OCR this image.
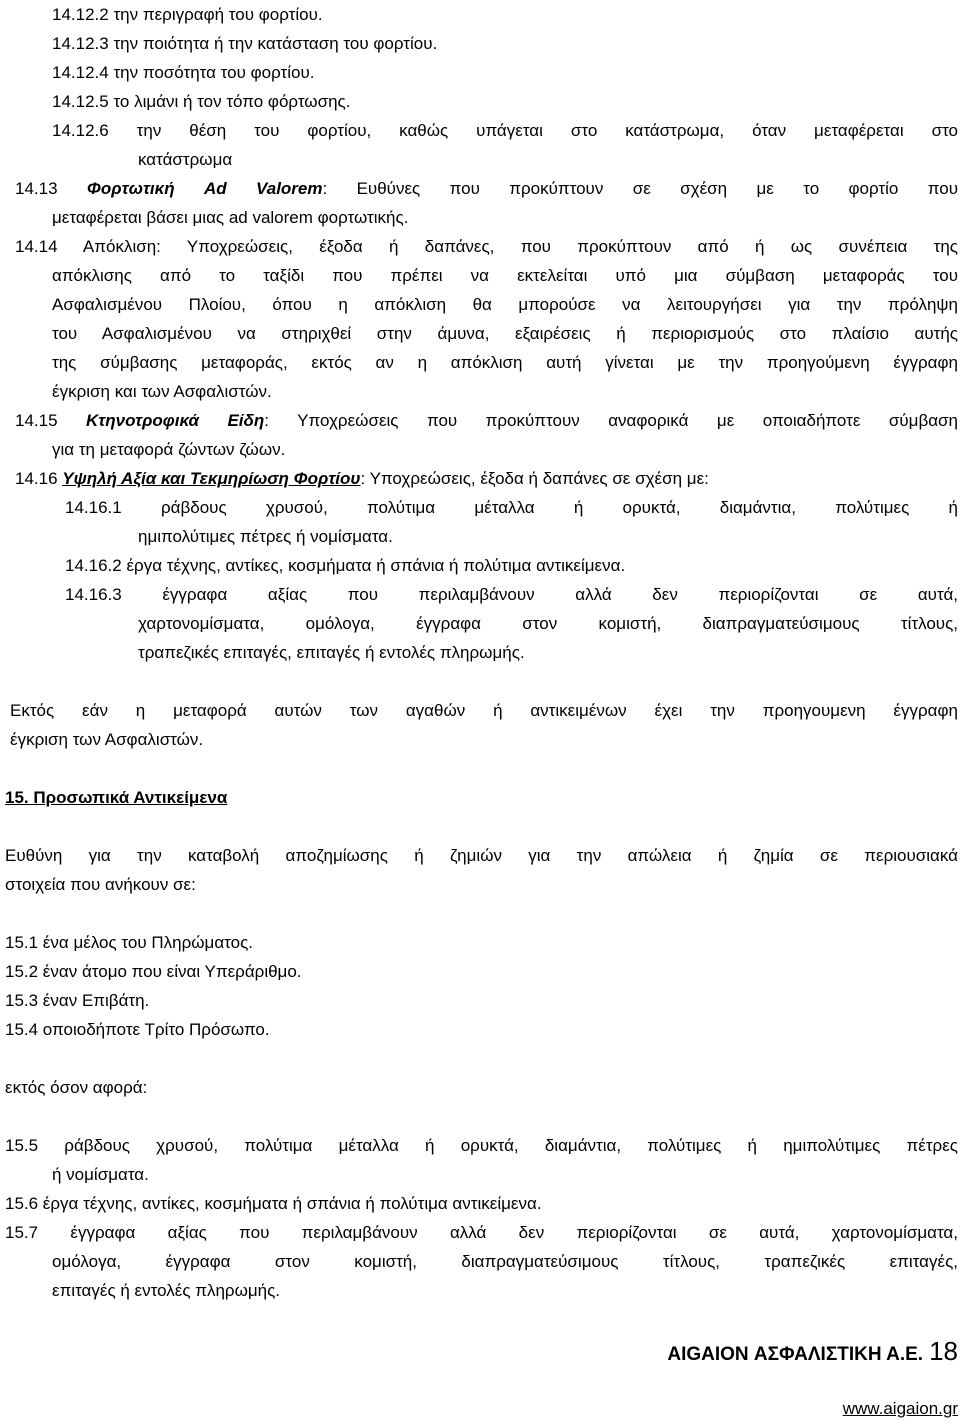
14.12.2 την περιγραφή του φορτίου.
14.12.3 την ποιότητα ή την κατάσταση του φορτίου.
14.12.4 την ποσότητα του φορτίου.
14.12.5 το λιμάνι ή τον τόπο φόρτωσης.
14.12.6 την θέση του φορτίου, καθώς υπάγεται στο κατάστρωμα, όταν μεταφέρεται στο
κατάστρωμα
14.13 Φορτωτική Ad Valorem: Ευθύνες που προκύπτουν σε σχέση με το φορτίο που
μεταφέρεται βάσει μιας ad valorem φορτωτικής.
14.14 Απόκλιση: Υποχρεώσεις, έξοδα ή δαπάνες, που προκύπτουν από ή ως συνέπεια της
απόκλισης από το ταξίδι που πρέπει να εκτελείται υπό μια σύμβαση μεταφοράς του
Ασφαλισμένου Πλοίου, όπου η απόκλιση θα μπορούσε να λειτουργήσει για την πρόληψη
του Ασφαλισμένου να στηριχθεί στην άμυνα, εξαιρέσεις ή περιορισμούς στο πλαίσιο αυτής
της σύμβασης μεταφοράς, εκτός αν η απόκλιση αυτή γίνεται με την προηγούμενη έγγραφη
έγκριση και των Ασφαλιστών.
14.15 Κτηνοτροφικά Είδη: Υποχρεώσεις που προκύπτουν αναφορικά με οποιαδήποτε σύμβαση
για τη μεταφορά ζώντων ζώων.
14.16 Υψηλή Αξία και Τεκμηρίωση Φορτίου: Υποχρεώσεις, έξοδα ή δαπάνες σε σχέση με:
14.16.1 ράβδους χρυσού, πολύτιμα μέταλλα ή ορυκτά, διαμάντια, πολύτιμες ή
ημιπολύτιμες πέτρες ή νομίσματα.
14.16.2 έργα τέχνης, αντίκες, κοσμήματα ή σπάνια ή πολύτιμα αντικείμενα.
14.16.3 έγγραφα αξίας που περιλαμβάνουν αλλά δεν περιορίζονται σε αυτά,
χαρτονομίσματα, ομόλογα, έγγραφα στον κομιστή, διαπραγματεύσιμους τίτλους,
τραπεζικές επιταγές, επιταγές ή εντολές πληρωμής.
Εκτός εάν η μεταφορά αυτών των αγαθών ή αντικειμένων έχει την προηγουμενη έγγραφη
έγκριση των Ασφαλιστών.
15. Προσωπικά Αντικείμενα
Ευθύνη για την καταβολή αποζημίωσης ή ζημιών για την απώλεια ή ζημία σε περιουσιακά
στοιχεία που ανήκουν σε:
15.1 ένα μέλος του Πληρώματος.
15.2 έναν άτομο που είναι Υπεράριθμο.
15.3 έναν Επιβάτη.
15.4 οποιοδήποτε Τρίτο Πρόσωπο.
εκτός όσον αφορά:
15.5 ράβδους χρυσού, πολύτιμα μέταλλα ή ορυκτά, διαμάντια, πολύτιμες ή ημιπολύτιμες πέτρες
ή νομίσματα.
15.6 έργα τέχνης, αντίκες, κοσμήματα ή σπάνια ή πολύτιμα αντικείμενα.
15.7 έγγραφα αξίας που περιλαμβάνουν αλλά δεν περιορίζονται σε αυτά, χαρτονομίσματα,
ομόλογα, έγγραφα στον κομιστή, διαπραγματεύσιμους τίτλους, τραπεζικές επιταγές,
επιταγές ή εντολές πληρωμής.
AIGAION ΑΣΦΑΛΙΣΤΙΚΗ Α.Ε. 18
www.aigaion.gr
